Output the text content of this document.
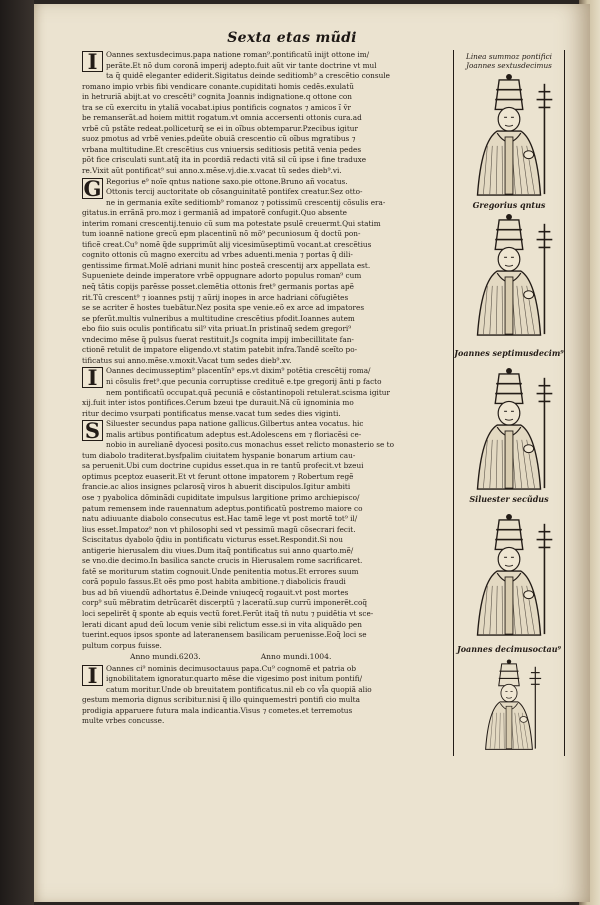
Sexta etas mũdi
I	Oannes sextusdecimus.papa natione roman⁹.pontificatũ inijt ottone im/
perãte.Et nõ dum coronã imperij adepto.fuit aũt vir tante doctrine vt mul
ta q̃ quidẽ eleganter ediderit.Sigitatus deinde seditiomb⁹ a crescẽtio consule
romano impio vrbis fibi vendicare conante.cupiditati homis cedẽs.exulatũ
in hetruriã abijt.at vo crescẽti⁹ cognita Joannis indignatione.q ottone con
tra se cũ exercitu in ytaliã vocabat.ipius pontificis cognatos ⁊ amicos ĩ v̄r
be remanserãt.ad hoiem mittit rogatum.vt omnia accersenti ottonis cura.ad
vrbẽ cũ pstãte redeat.polliceturq̃ se ei in oĩbus obtemparur.Pzecibus igitur
suoz pmotus ad vrbẽ venies.pdeũte obuiã crescentio cũ oĩbus mgratibus ⁊
vrbana multitudine.Et crescẽtius cus vniuersis seditiosis petitã venia pedes
põt fice crisculati sunt.atq̃ ita in pcordiã redacti vitã sil cũ ipse i fine traduxe
re.Vixit aũt pontificat⁹ sui anno.x.mẽse.vj.die.x.vacat tũ sedes dieb⁹.vi.
G Regorius e⁹ noĩe qntus natione saxo.pie ottone.Bruno añ vocatus.
Ottonis tercij auctoritate ob cõsanguinitatẽ pontifex creatur.Sez otto-
ne in germania exĩte seditiomb⁹ romanoz ⁊ potissimũ crescentij cõsulis era-
gitatus.in errãnã pro.moz i germaniã ad impatorẽ confugit.Quo absente
interim romani crescentij.tenuio cũ sum ma potestate psulẽ creuermt.Qui statim
tum ioannẽ natione grecũ epm placentinũ nõ mõ⁹ pecuniosum q̃ doctũ pon-
tificẽ creat.Cu⁹ nomẽ q̃de supprimũt alij vicesimũseptimũ vocant.at crescẽtius
cognito ottonis cũ magno exercitu ad vrbes aduenti.menia ⁊ portas q̃ dili-
gentissime firmat.Molẽ adriani munit hinc posteã crescentij arx appellata est.
Supueniete deinde imperatore vrbẽ oppugnare adorto populus roman⁹ cum
neq̃ tãtis copijs parẽsse posset.clemẽtia ottonis fret⁹ germanis portas apẽ
rit.Tũ crescent⁹ ⁊ ioannes pstij ⁊ aũrij inopes in arce hadriani cõfugiẽtes
se se acriter ẽ hostes tuebãtur.Nez posita spe venie.eõ ex arce ad impatores
se pferũt.multis vulneribus a multitudine crescẽtius pfodit.Ioannes autem
ebo fiio suis oculis pontificatu sil⁹ vita priuat.In pristinaq̃ sedem gregori⁹
vndecimo mẽse q̃ pulsus fuerat restituit.Js cognita impij imbecillitate fan-
ctionẽ retulit de impatore eligendo.vt statim patebit infra.Tandẽ sceĩto po-
tificatus sui anno.mẽse.v.moxit.Vacat tum sedes dieb⁹.xv.
I	Oannes decimusseptim⁹ placentĩn⁹ eps.vt dixim⁹ potẽtia crescẽtij roma/
ni cõsulis fret⁹.que pecunia corruptisse credituẽ e.tpe gregorij ãnti p facto
nem pontificatũ occupat.quã pecuniã e cõstantinopoli retulerat.scisma igitur
xij.fuit inter istos pontifices.Cerum bzeui tpe durauit.Nã cũ ignominia mo
ritur decimo vsurpati pontificatus mense.vacat tum sedes dies viginti.
S Siluester secundus papa natione gallicus.Gilbertus antea vocatus. hic
malis artibus pontificatum adeptus est.Adolescens em ⁊ floriacẽsi ce-
nobio in aurelianẽ dyocesi posito.cus monachus esset relicto monasterio se to
tum diabolo traditerat.bysfpalim ciuitatem hyspanie bonarum artium cau-
sa peruenit.Ubi cum doctrine cupidus esset.qua in re tantũ profecit.vt bzeui
optimus pceptoz euaserit.Et vt ferunt ottone impatorem ⁊ Robertum regẽ
francie.ac alios insignes pclarosq̃ viros h abuerit discipulos.Igitur ambiti
ose ⁊ pyabolica dõminãdi cupiditate impulsus largitione primo archiepisco/
patum remensem inde rauennatum adeptus.pontificatũ postremo maiore co
natu adiuuante diabolo consecutus est.Hac tamẽ lege vt post mortẽ tot⁹ il/
lius esset.Impatoz⁹ non vt philosophi sed vt pessimũ magũ cõsecrari fecit.
Sciscitatus dyabolo q̃diu in pontificatu victurus esset.Respondit.Si nou
antigerie hierusalem diu viues.Dum itaq̃ pontificatus sui anno quarto.mẽ/
se vno.die decimo.In basilica sancte crucis in Hierusalem rome sacrificaret.
fatẽ se moriturum statim cognouit.Unde penitentia motus.Et errores suum
corã populo fassus.Et oẽs pmo post habita ambitione.⁊ diabolicis fraudi
bus ad bñ viuendũ adhortatus ẽ.Deinde vniuqecq̃ rogauit.vt post mortes
corp⁹ suũ mẽbratim detrũcarẽt discerptũ ⁊ laceratũ.sup currũ imponerẽt.coq̃
loci sepelirẽt q̃ sponte ab equis vectũ foret.Ferũt itaq̃ tn̄ nutu ⁊ puidẽtia vt sce-
lerati dicant apud deũ locum venie sibi relictum esse.si in vita aliquãdo pen
tuerint.equos ipsos sponte ad lateranensem basilicam peruenisse.Eoq̃ loci se
pultum corpus fuisse.
Anno mundi.6203.	Anno mundi.1004.
I	Oannes ci⁹ nominis decimusoctauus papa.Cu⁹ cognomẽ et patria ob
ignobilitatem ignoratur.quarto mẽse die vigesimo post initum pontifi/
catum moritur.Unde ob breuitatem pontificatus.nil eb co vl̃a quopiã alio
gestum memoria dignus scribitur.nisi q̃ illo quinquemestri pontifi cio multa
prodigia apparuere futura mala indicantia.Visus ⁊ cometes.et terremotus
multe vrbes concusse.
Linea summoz pontifici
Joannes sextusdecimus
Gregorius qntus
Joannes septimusdecim⁹
Siluester secũdus
Joannes decimusoctau⁹
